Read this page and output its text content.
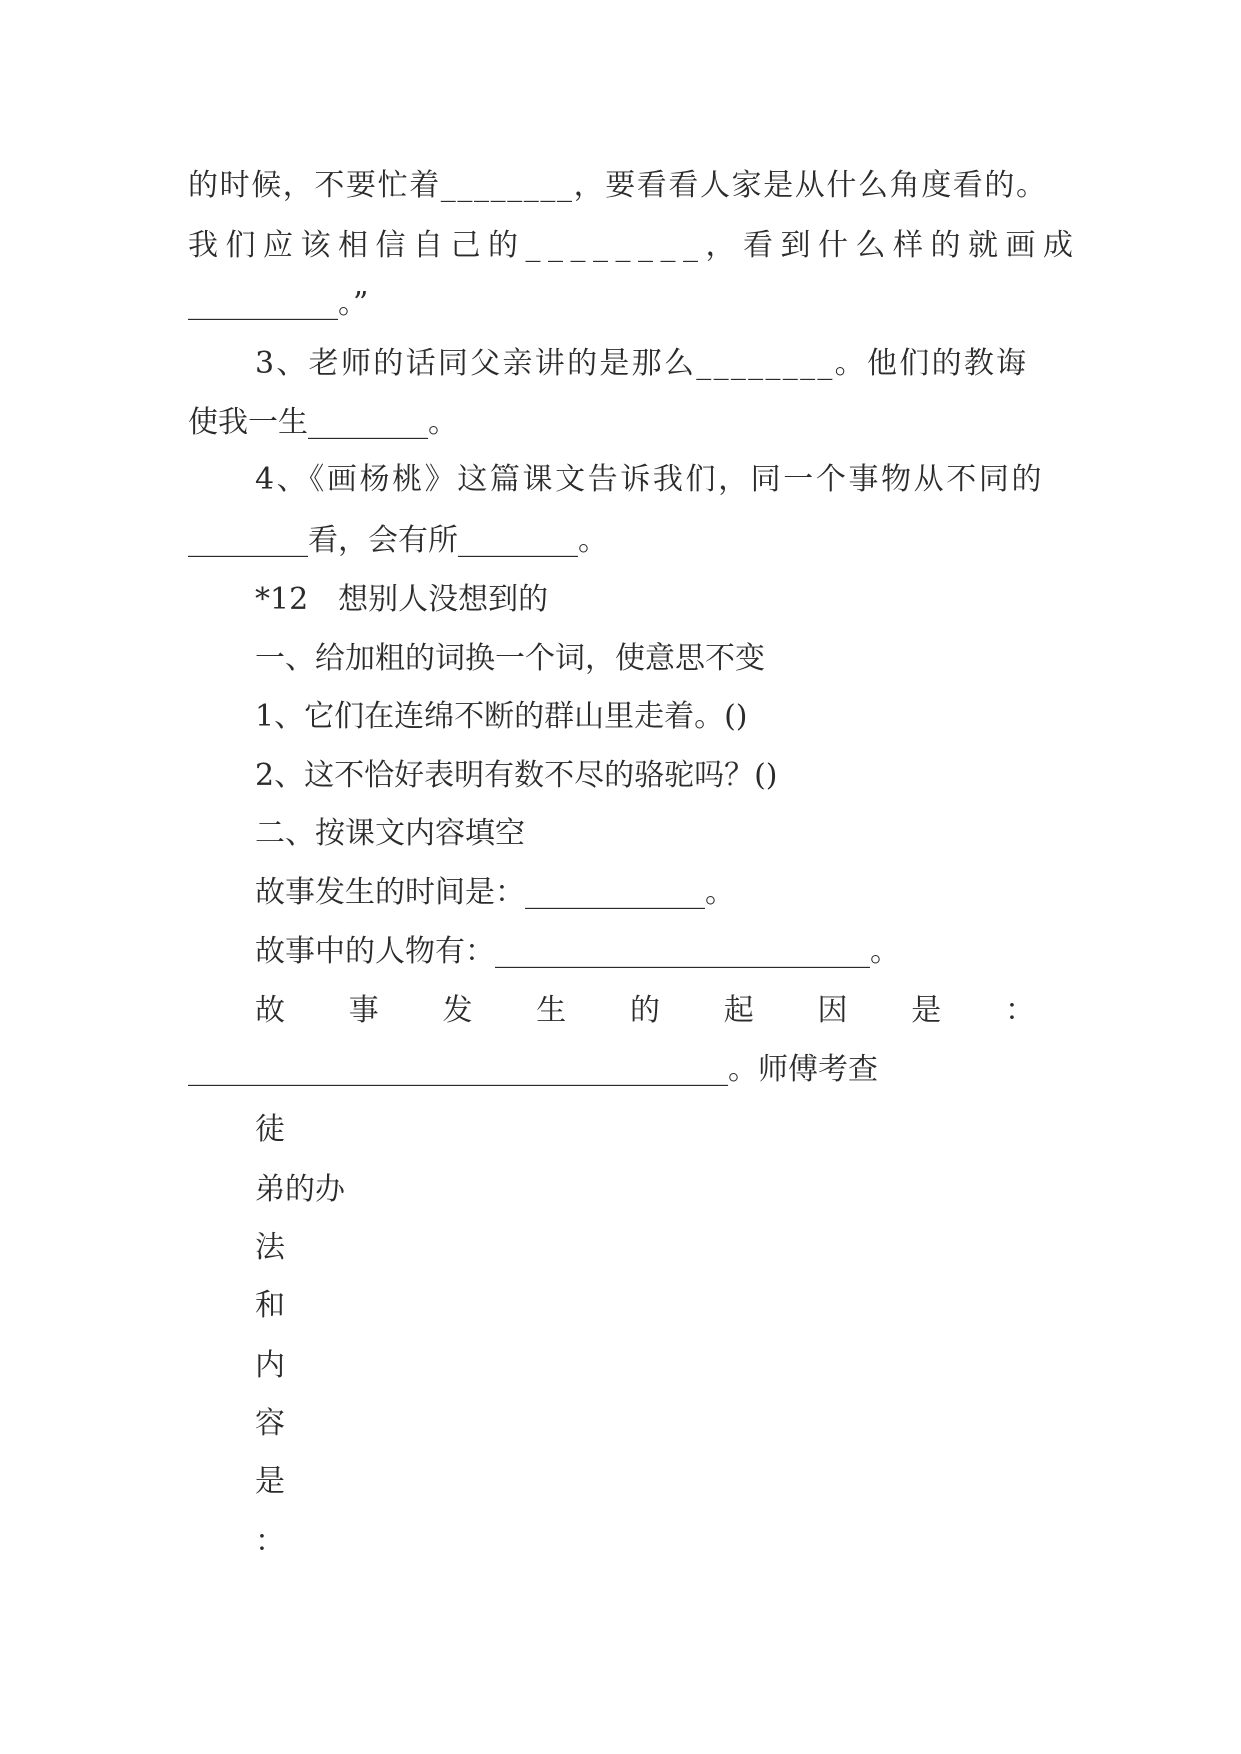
的时候，不要忙着________，要看看人家是从什么角度看的。
我们应该相信自己的________，看到什么样的就画成
__________。”
3、老师的话同父亲讲的是那么________。他们的教诲
使我一生________。
4、《画杨桃》这篇课文告诉我们，同一个事物从不同的
________看，会有所________。
*12　想别人没想到的
一、给加粗的词换一个词，使意思不变
1、它们在连绵不断的群山里走着。()
2、这不恰好表明有数不尽的骆驼吗？()
二、按课文内容填空
故事发生的时间是：____________。
故事中的人物有：_________________________。
故 事 发 生 的 起 因 是 ：
____________________________________。师傅考查
徒
弟的办
法
和
内
容
是
：
